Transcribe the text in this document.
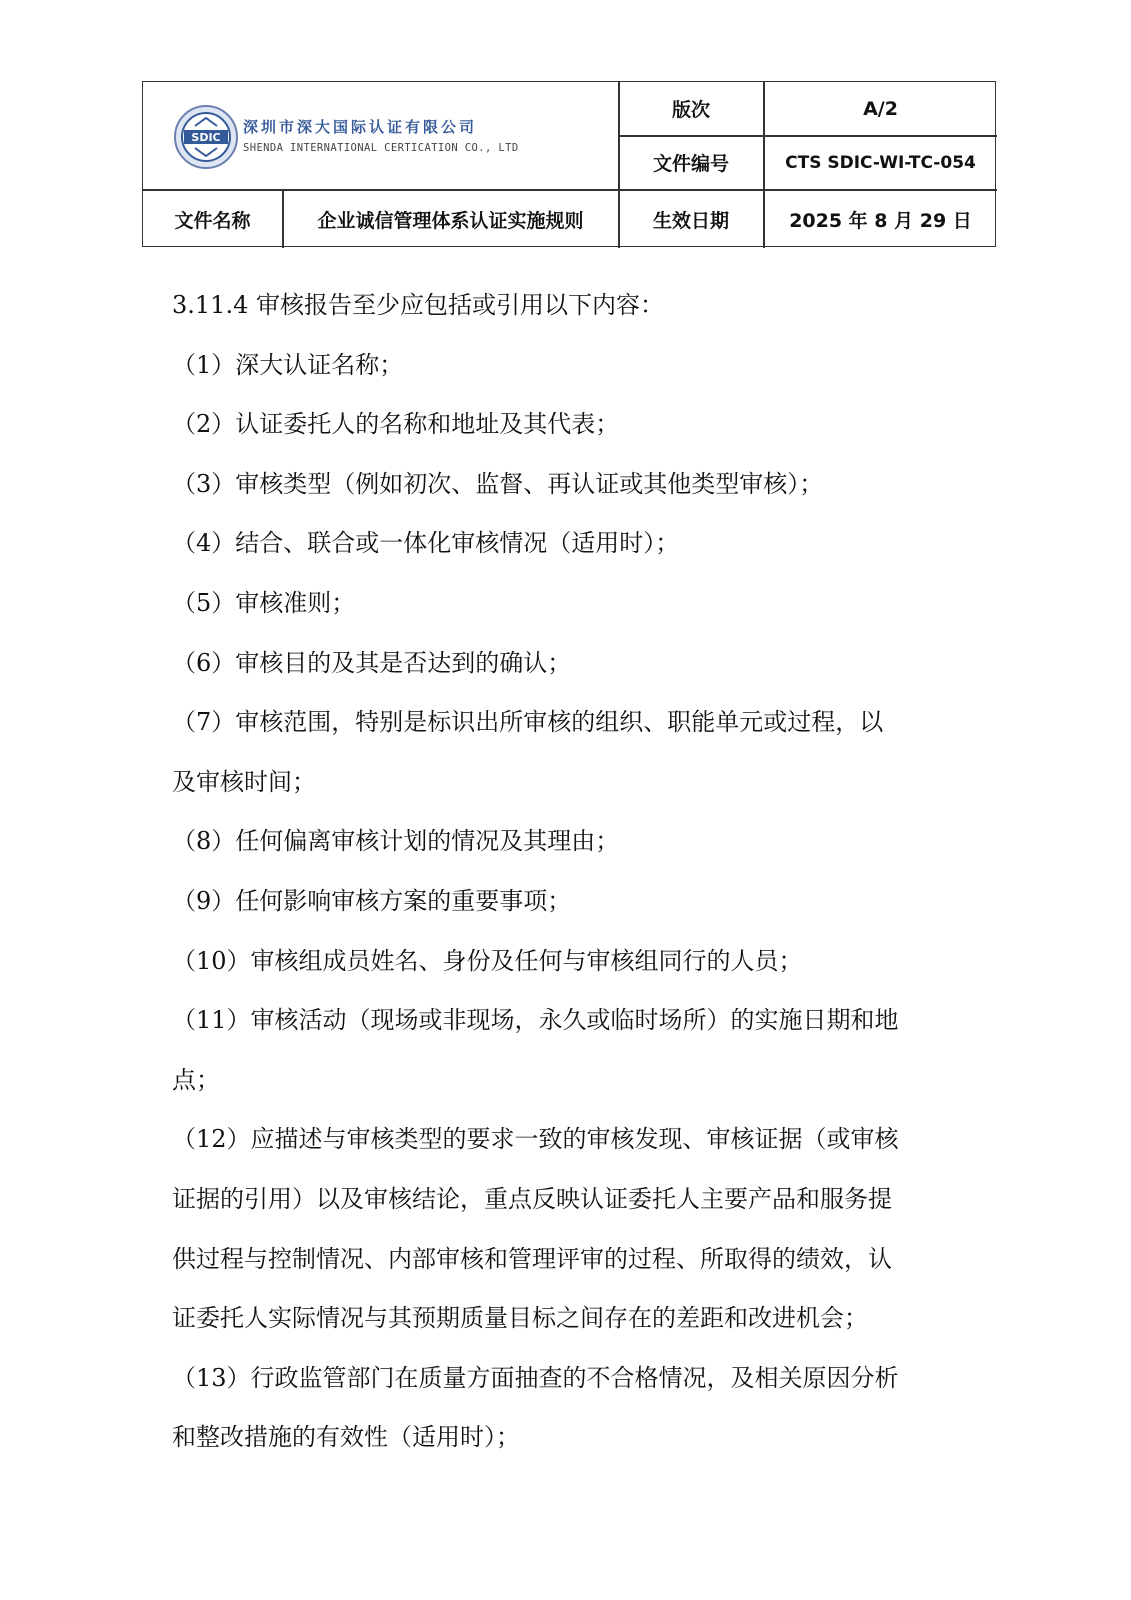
SDIC
深圳市深大国际认证有限公司
SHENDA INTERNATIONAL CERTICATION CO., LTD
版次	A/2
文件编号	CTS SDIC-WI-TC-054
文件名称	企业诚信管理体系认证实施规则	生效日期	2025 年 8 月 29 日
3.11.4 审核报告至少应包括或引用以下内容：
（1）深大认证名称；
（2）认证委托人的名称和地址及其代表；
（3）审核类型（例如初次、监督、再认证或其他类型审核）；
（4）结合、联合或一体化审核情况（适用时）；
（5）审核准则；
（6）审核目的及其是否达到的确认；
（7）审核范围，特别是标识出所审核的组织、职能单元或过程，以
及审核时间；
（8）任何偏离审核计划的情况及其理由；
（9）任何影响审核方案的重要事项；
（10）审核组成员姓名、身份及任何与审核组同行的人员；
（11）审核活动（现场或非现场，永久或临时场所）的实施日期和地
点；
（12）应描述与审核类型的要求一致的审核发现、审核证据（或审核
证据的引用）以及审核结论，重点反映认证委托人主要产品和服务提
供过程与控制情况、内部审核和管理评审的过程、所取得的绩效，认
证委托人实际情况与其预期质量目标之间存在的差距和改进机会；
（13）行政监管部门在质量方面抽查的不合格情况，及相关原因分析
和整改措施的有效性（适用时）；
